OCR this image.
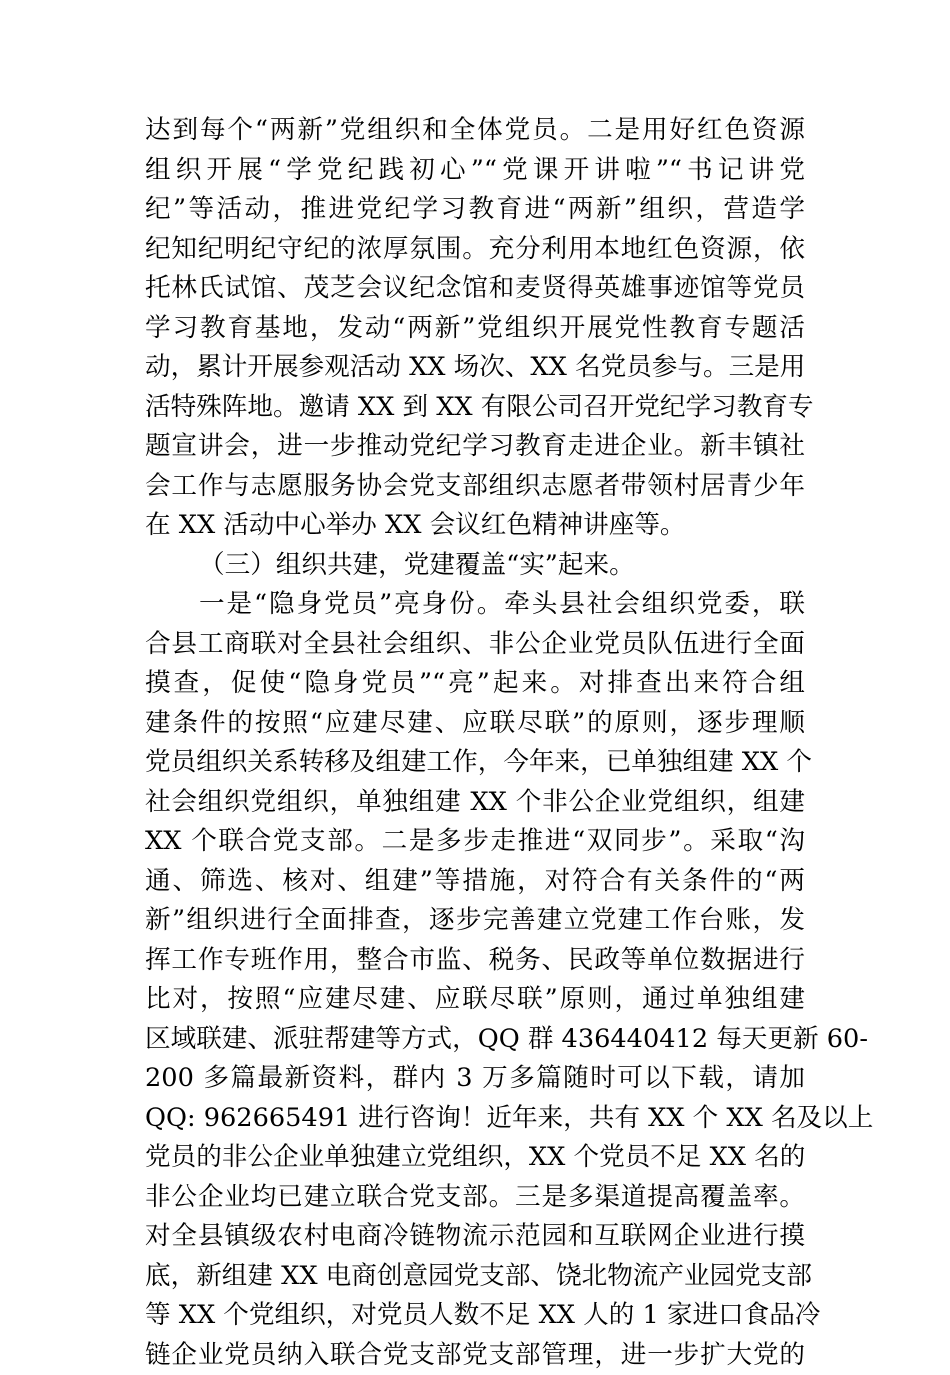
达到每个“两新”党组织和全体党员。二是用好红色资源
组织开展“学党纪践初心”“党课开讲啦”“书记讲党
纪”等活动，推进党纪学习教育进“两新”组织，营造学
纪知纪明纪守纪的浓厚氛围。充分利用本地红色资源，依
托林氏试馆、茂芝会议纪念馆和麦贤得英雄事迹馆等党员
学习教育基地，发动“两新”党组织开展党性教育专题活
动，累计开展参观活动 XX 场次、XX 名党员参与。三是用
活特殊阵地。邀请 XX 到 XX 有限公司召开党纪学习教育专
题宣讲会，进一步推动党纪学习教育走进企业。新丰镇社
会工作与志愿服务协会党支部组织志愿者带领村居青少年
在 XX 活动中心举办 XX 会议红色精神讲座等。
（三）组织共建，党建覆盖“实”起来。
一是“隐身党员”亮身份。牵头县社会组织党委，联
合县工商联对全县社会组织、非公企业党员队伍进行全面
摸查，促使“隐身党员”“亮”起来。对排查出来符合组
建条件的按照“应建尽建、应联尽联”的原则，逐步理顺
党员组织关系转移及组建工作，今年来，已单独组建 XX 个
社会组织党组织，单独组建 XX 个非公企业党组织，组建
XX 个联合党支部。二是多步走推进“双同步”。采取“沟
通、筛选、核对、组建”等措施，对符合有关条件的“两
新”组织进行全面排查，逐步完善建立党建工作台账，发
挥工作专班作用，整合市监、税务、民政等单位数据进行
比对，按照“应建尽建、应联尽联”原则，通过单独组建
区域联建、派驻帮建等方式，QQ 群 436440412 每天更新 60-
200 多篇最新资料，群内 3 万多篇随时可以下载，请加
QQ: 962665491 进行咨询！近年来，共有 XX 个 XX 名及以上
党员的非公企业单独建立党组织，XX 个党员不足 XX 名的
非公企业均已建立联合党支部。三是多渠道提高覆盖率。
对全县镇级农村电商冷链物流示范园和互联网企业进行摸
底，新组建 XX 电商创意园党支部、饶北物流产业园党支部
等 XX 个党组织，对党员人数不足 XX 人的 1 家进口食品冷
链企业党员纳入联合党支部党支部管理，进一步扩大党的
